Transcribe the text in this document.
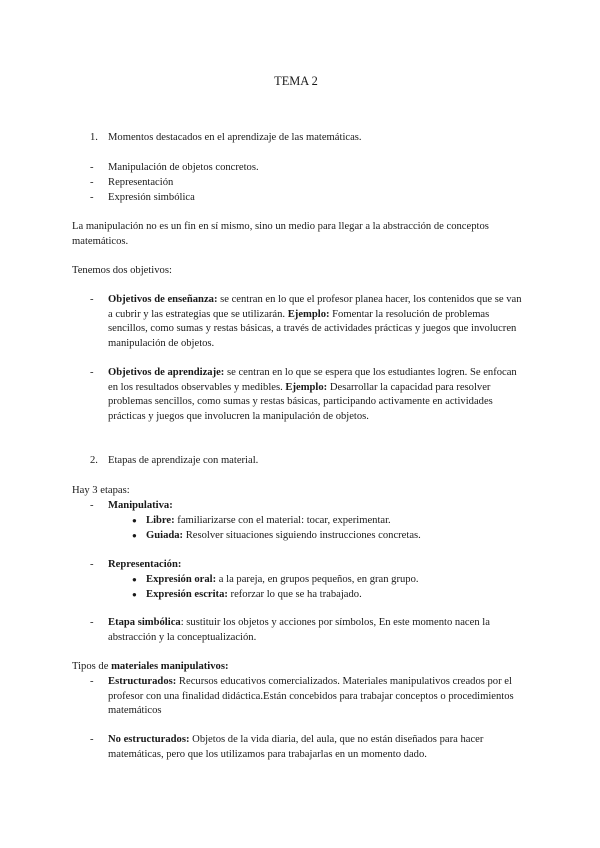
TEMA 2
1. Momentos destacados en el aprendizaje de las matemáticas.
- Manipulación de objetos concretos.
- Representación
- Expresión simbólica
La manipulación no es un fin en sí mismo, sino un medio para llegar a la abstracción de conceptos matemáticos.
Tenemos dos objetivos:
- Objetivos de enseñanza: se centran en lo que el profesor planea hacer, los contenidos que se van a cubrir y las estrategias que se utilizarán. Ejemplo: Fomentar la resolución de problemas sencillos, como sumas y restas básicas, a través de actividades prácticas y juegos que involucren manipulación de objetos.
- Objetivos de aprendizaje: se centran en lo que se espera que los estudiantes logren. Se enfocan en los resultados observables y medibles. Ejemplo: Desarrollar la capacidad para resolver problemas sencillos, como sumas y restas básicas, participando activamente en actividades prácticas y juegos que involucren la manipulación de objetos.
2. Etapas de aprendizaje con material.
Hay 3 etapas:
- Manipulativa:
● Libre: familiarizarse con el material: tocar, experimentar.
● Guiada: Resolver situaciones siguiendo instrucciones concretas.
- Representación:
● Expresión oral: a la pareja, en grupos pequeños, en gran grupo.
● Expresión escrita: reforzar lo que se ha trabajado.
- Etapa simbólica: sustituir los objetos y acciones por símbolos, En este momento nacen la abstracción y la conceptualización.
Tipos de materiales manipulativos:
- Estructurados: Recursos educativos comercializados. Materiales manipulativos creados por el profesor con una finalidad didáctica.Están concebidos para trabajar conceptos o procedimientos matemáticos
- No estructurados: Objetos de la vida diaria, del aula, que no están diseñados para hacer matemáticas, pero que los utilizamos para trabajarlas en un momento dado.
